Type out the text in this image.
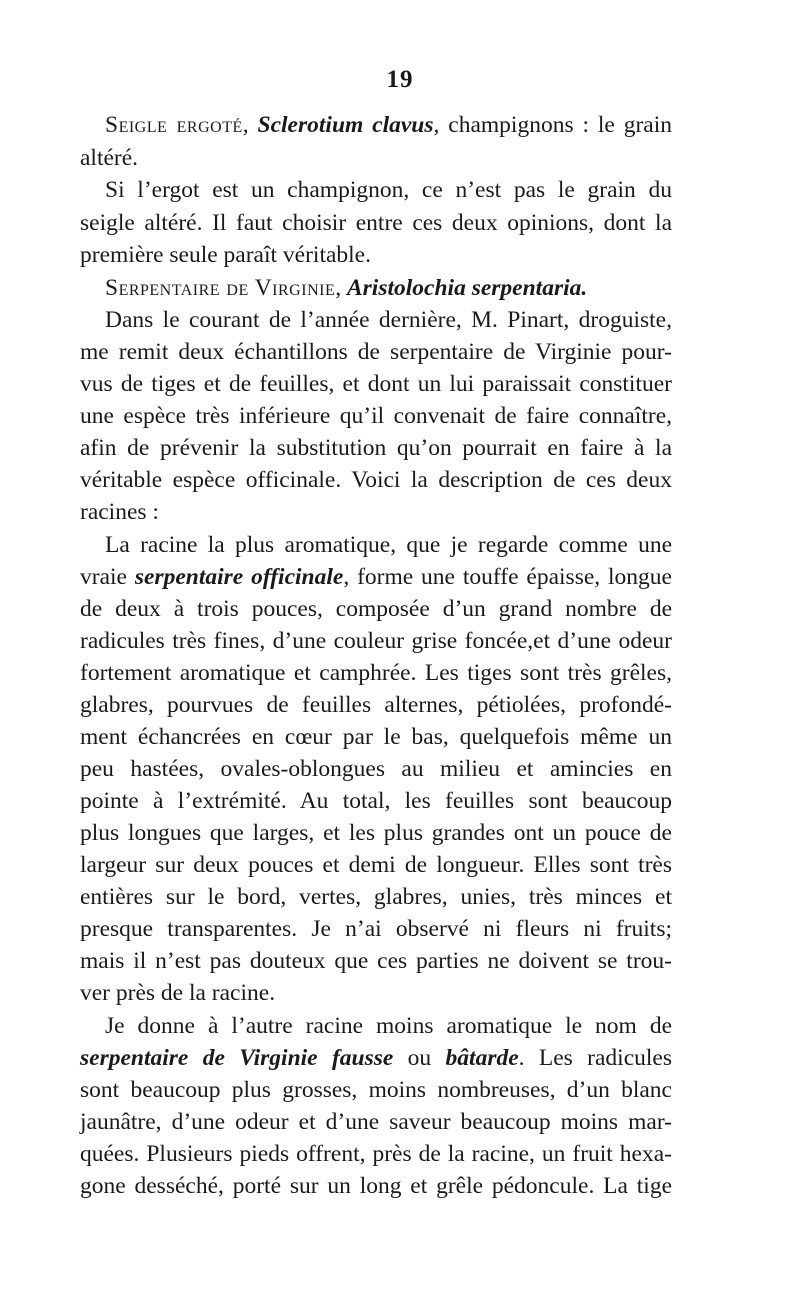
19
Seigle ergoté, Sclerotium clavus, champignons : le grain
altéré.
Si l’ergot est un champignon, ce n’est pas le grain du
seigle altéré. Il faut choisir entre ces deux opinions, dont la
première seule paraît véritable.
Serpentaire de Virginie, Aristolochia serpentaria.
Dans le courant de l’année dernière, M. Pinart, droguiste,
me remit deux échantillons de serpentaire de Virginie pour-
vus de tiges et de feuilles, et dont un lui paraissait constituer
une espèce très inférieure qu’il convenait de faire connaître,
afin de prévenir la substitution qu’on pourrait en faire à la
véritable espèce officinale. Voici la description de ces deux
racines :
La racine la plus aromatique, que je regarde comme une
vraie serpentaire officinale, forme une touffe épaisse, longue
de deux à trois pouces, composée d’un grand nombre de
radicules très fines, d’une couleur grise foncée,et d’une odeur
fortement aromatique et camphrée. Les tiges sont très grêles,
glabres, pourvues de feuilles alternes, pétiolées, profondé-
ment échancrées en cœur par le bas, quelquefois même un
peu hastées, ovales-oblongues au milieu et amincies en
pointe à l’extrémité. Au total, les feuilles sont beaucoup
plus longues que larges, et les plus grandes ont un pouce de
largeur sur deux pouces et demi de longueur. Elles sont très
entières sur le bord, vertes, glabres, unies, très minces et
presque transparentes. Je n’ai observé ni fleurs ni fruits;
mais il n’est pas douteux que ces parties ne doivent se trou-
ver près de la racine.
Je donne à l’autre racine moins aromatique le nom de
serpentaire de Virginie fausse ou bâtarde. Les radicules
sont beaucoup plus grosses, moins nombreuses, d’un blanc
jaunâtre, d’une odeur et d’une saveur beaucoup moins mar-
quées. Plusieurs pieds offrent, près de la racine, un fruit hexa-
gone desséché, porté sur un long et grêle pédoncule. La tige
